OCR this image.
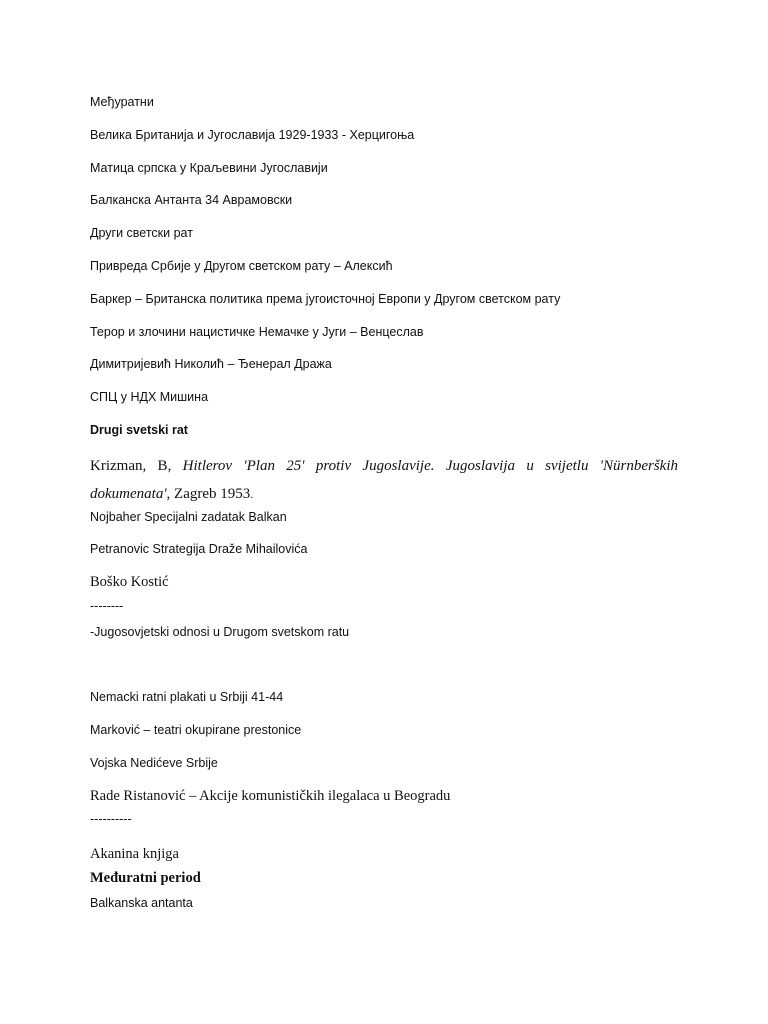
Међуратни
Велика Британија и Југославија 1929-1933 - Херцигоња
Матица српска у Краљевини Југославији
Балканска Антанта 34 Аврамовски
Други светски рат
Привреда Србије у Другом светском рату – Алексић
Баркер – Британска политика према југоисточној Европи у Другом светском рату
Терор и злочини нацистичке Немачке у Југи – Венцеслав
Димитријевић Николић – Ђенерал Дража
СПЦ у НДХ Мишина
Drugi svetski rat
Krizman, B, Hitlerov 'Plan 25' protiv Jugoslavije. Jugoslavija u svijetlu 'Nürnberških dokumenata', Zagreb 1953.
Nojbaher Specijalni zadatak Balkan
Petranovic Strategija Draže Mihailovića
Boško Kostić
--------
-Jugosovjetski odnosi u Drugom svetskom ratu
Nemacki ratni plakati u Srbiji 41-44
Marković – teatri okupirane prestonice
Vojska Nedićeve Srbije
Rade Ristanović – Akcije komunističkih ilegalaca u Beogradu
----------
Akanina knjiga
Međuratni period
Balkanska antanta
